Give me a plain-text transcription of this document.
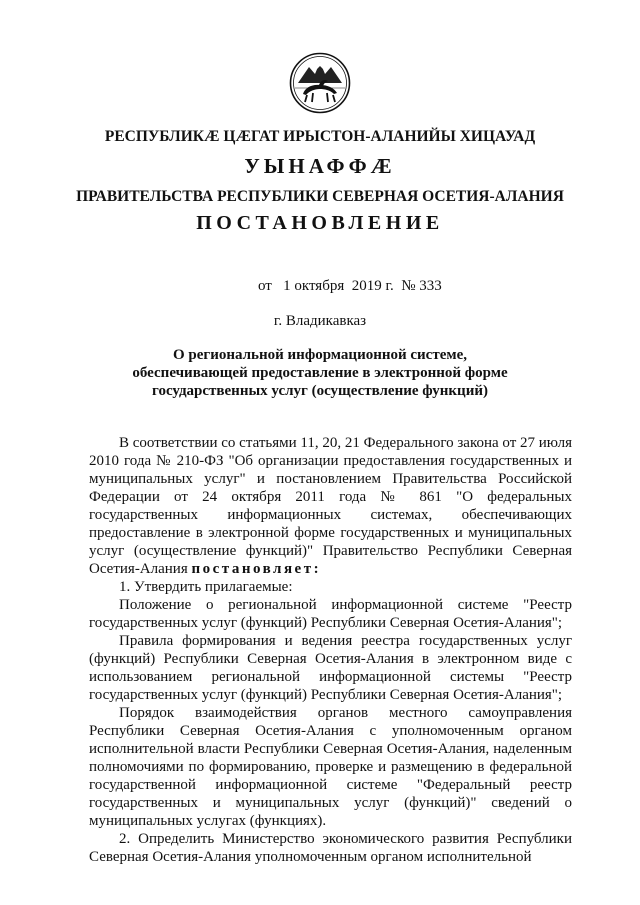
РЕСПУБЛИКӔ ЦӔГАТ ИРЫСТОН-АЛАНИЙЫ ХИЦАУАД
УЫНАФФӔ
ПРАВИТЕЛЬСТВА РЕСПУБЛИКИ СЕВЕРНАЯ ОСЕТИЯ-АЛАНИЯ
ПОСТАНОВЛЕНИЕ
от   1 октября  2019 г.  № 333
г. Владикавказ
О региональной информационной системе,
обеспечивающей предоставление в электронной форме
государственных услуг (осуществление функций)

В соответствии со статьями 11, 20, 21 Федерального закона от 27 июля 2010 года № 210-ФЗ "Об организации предоставления государственных и муниципальных услуг" и постановлением Правительства Российской Федерации от 24 октября 2011 года № 861 "О федеральных государственных информационных системах, обеспечивающих предоставление в электронной форме государственных и муниципальных услуг (осуществление функций)" Правительство Республики Северная Осетия-Алания постановляет:

1. Утвердить прилагаемые:

Положение о региональной информационной системе "Реестр государственных услуг (функций) Республики Северная Осетия-Алания";

Правила формирования и ведения реестра государственных услуг (функций) Республики Северная Осетия-Алания в электронном виде с использованием региональной информационной системы "Реестр государственных услуг (функций) Республики Северная Осетия-Алания";

Порядок взаимодействия органов местного самоуправления Республики Северная Осетия-Алания с уполномоченным органом исполнительной власти Республики Северная Осетия-Алания, наделенным полномочиями по формированию, проверке и размещению в федеральной государственной информационной системе "Федеральный реестр государственных и муниципальных услуг (функций)" сведений о муниципальных услугах (функциях).

2. Определить Министерство экономического развития Республики Северная Осетия-Алания уполномоченным органом исполнительной
